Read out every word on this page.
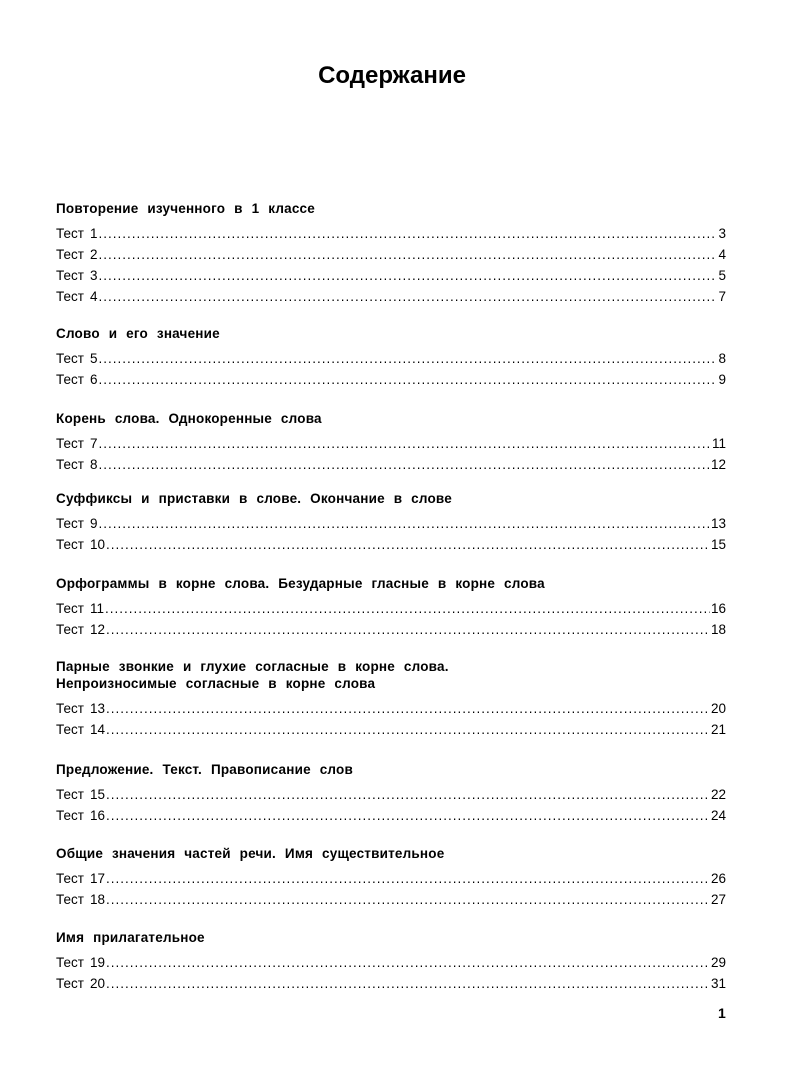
Содержание
Повторение изученного в 1 классе
Тест 1 .....	3
Тест 2 .....	4
Тест 3 .....	5
Тест 4 .....	7
Слово и его значение
Тест 5 .....	8
Тест 6 .....	9
Корень слова. Однокоренные слова
Тест 7 .....	11
Тест 8 .....	12
Суффиксы и приставки в слове. Окончание в слове
Тест 9 .....	13
Тест 10 .....	15
Орфограммы в корне слова. Безударные гласные в корне слова
Тест 11 .....	16
Тест 12 .....	18
Парные звонкие и глухие согласные в корне слова.
Непроизносимые согласные в корне слова
Тест 13 .....	20
Тест 14 .....	21
Предложение. Текст. Правописание слов
Тест 15 .....	22
Тест 16 .....	24
Общие значения частей речи. Имя существительное
Тест 17 .....	26
Тест 18 .....	27
Имя прилагательное
Тест 19 .....	29
Тест 20 .....	31
1
